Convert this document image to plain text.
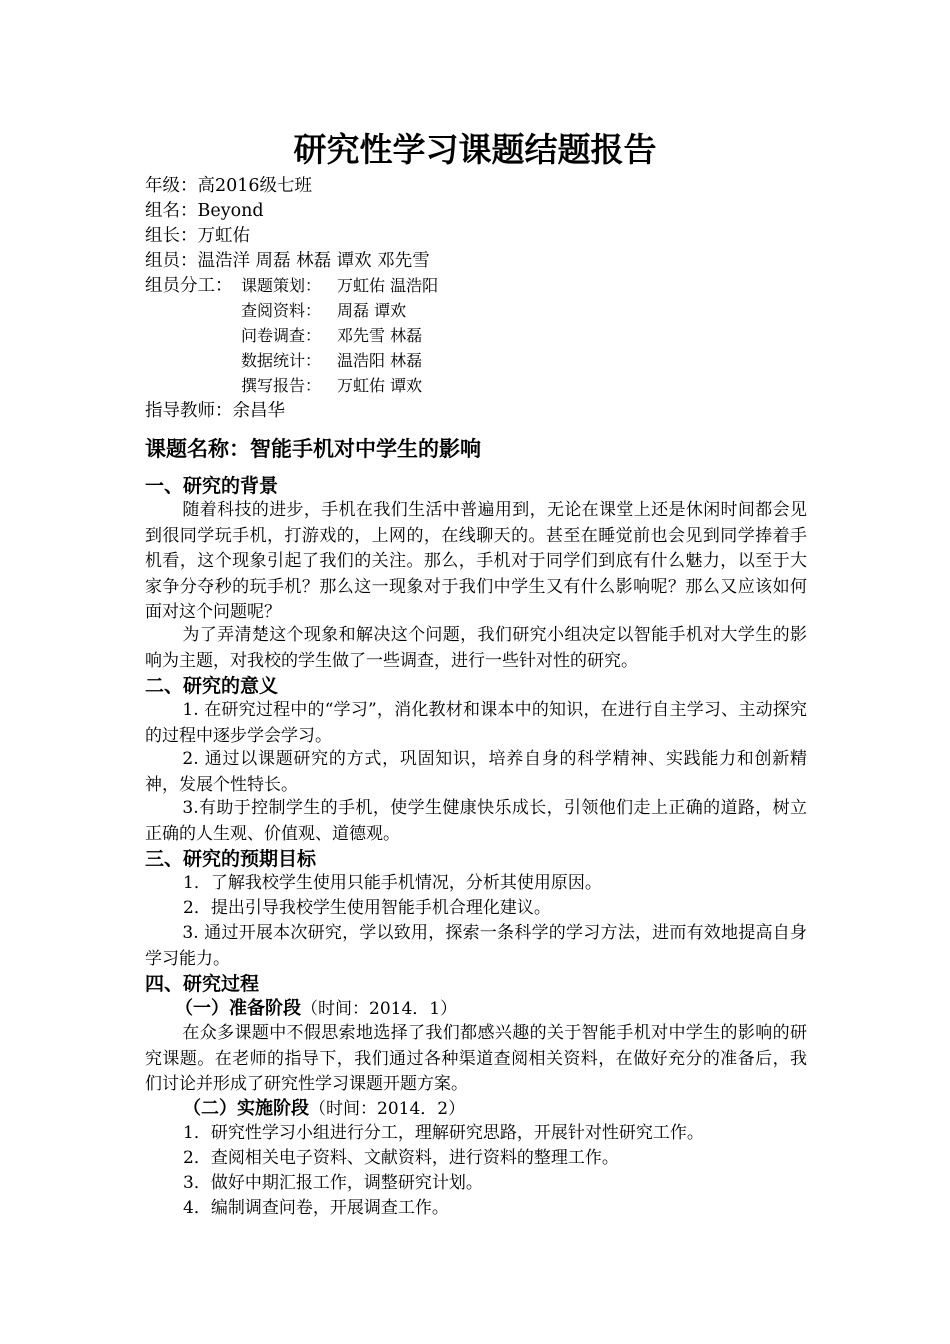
研究性学习课题结题报告
年级：高2016级七班
组名：Beyond
组长：万虹佑
组员：温浩洋 周磊 林磊 谭欢 邓先雪
组员分工： 课题策划： 万虹佑 温浩阳
查阅资料： 周磊 谭欢
问卷调查： 邓先雪 林磊
数据统计： 温浩阳 林磊
撰写报告： 万虹佑 谭欢
指导教师：余昌华
课题名称：智能手机对中学生的影响
一、研究的背景

随着科技的进步，手机在我们生活中普遍用到，无论在课堂上还是休闲时间都会见到很同学玩手机，打游戏的，上网的，在线聊天的。甚至在睡觉前也会见到同学捧着手机看，这个现象引起了我们的关注。那么，手机对于同学们到底有什么魅力，以至于大家争分夺秒的玩手机？那么这一现象对于我们中学生又有什么影响呢？那么又应该如何面对这个问题呢？

为了弄清楚这个现象和解决这个问题，我们研究小组决定以智能手机对大学生的影响为主题，对我校的学生做了一些调查，进行一些针对性的研究。

二、研究的意义

1. 在研究过程中的“学习”，消化教材和课本中的知识，在进行自主学习、主动探究的过程中逐步学会学习。

2. 通过以课题研究的方式，巩固知识，培养自身的科学精神、实践能力和创新精神，发展个性特长。

3.有助于控制学生的手机，使学生健康快乐成长，引领他们走上正确的道路，树立正确的人生观、价值观、道德观。

三、研究的预期目标
1．了解我校学生使用只能手机情况，分析其使用原因。
2．提出引导我校学生使用智能手机合理化建议。

3. 通过开展本次研究，学以致用，探索一条科学的学习方法，进而有效地提高自身学习能力。

四、研究过程
（一）准备阶段（时间：2014．1）

在众多课题中不假思索地选择了我们都感兴趣的关于智能手机对中学生的影响的研究课题。在老师的指导下，我们通过各种渠道查阅相关资料，在做好充分的准备后，我们讨论并形成了研究性学习课题开题方案。

（二）实施阶段（时间：2014．2）
1．研究性学习小组进行分工，理解研究思路，开展针对性研究工作。
2．查阅相关电子资料、文献资料，进行资料的整理工作。
3．做好中期汇报工作，调整研究计划。
4．编制调查问卷，开展调查工作。
